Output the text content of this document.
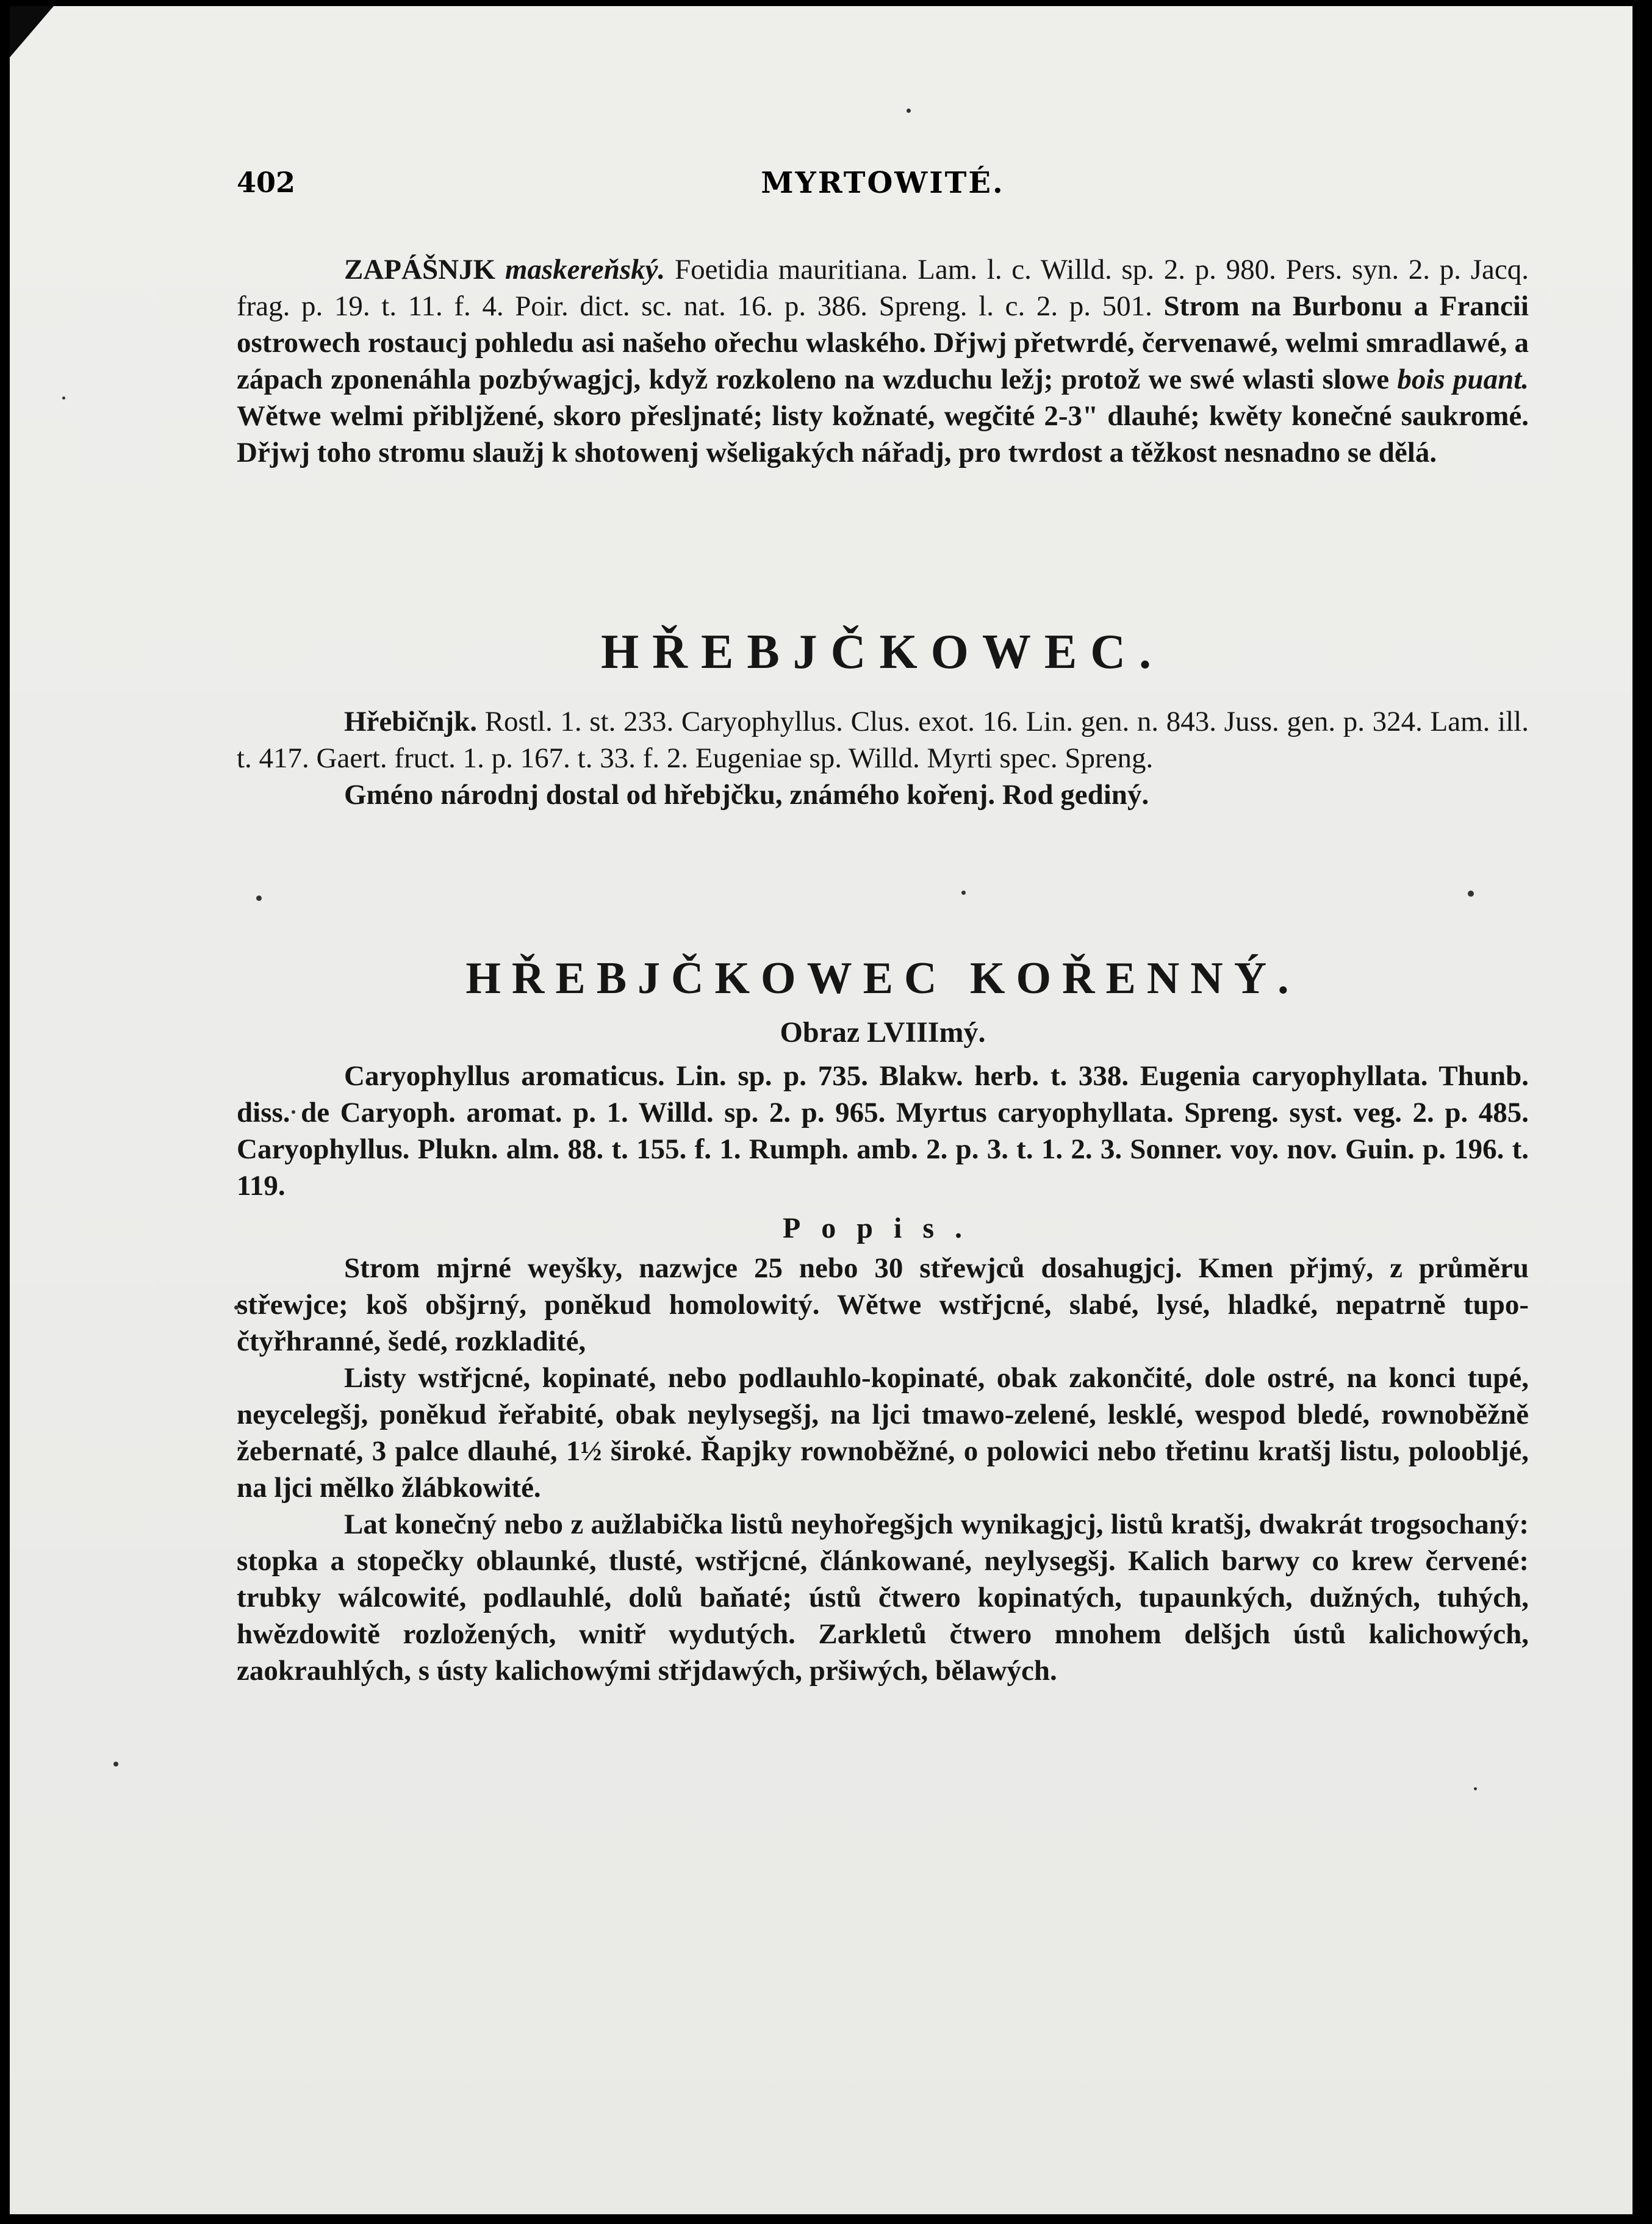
402	MYRTOWITÉ.

ZAPÁŠNJK maskereňský. Foetidia mauritiana. Lam. l. c. Willd. sp. 2. p. 980. Pers. syn. 2. p. Jacq. frag. p. 19. t. 11. f. 4. Poir. dict. sc. nat. 16. p. 386. Spreng. l. c. 2. p. 501. Strom na Burbonu a Francii ostrowech rostaucj pohledu asi našeho ořechu wlaského. Dřjwj přetwrdé, červenawé, welmi smradlawé, a zápach zponenáhla pozbýwagjcj, když rozkoleno na wzduchu ležj; protož we swé wlasti slowe bois puant. Wětwe welmi přibljžené, skoro přesljnaté; listy kožnaté, wegčité 2-3" dlauhé; kwěty konečné saukromé. Dřjwj toho stromu slaužj k shotowenj wšeligakých nářadj, pro twrdost a těžkost nesnadno se dělá.

HŘEBJČKOWEC.

Hřebičnjk. Rostl. 1. st. 233. Caryophyllus. Clus. exot. 16. Lin. gen. n. 843. Juss. gen. p. 324. Lam. ill. t. 417. Gaert. fruct. 1. p. 167. t. 33. f. 2. Eugeniae sp. Willd. Myrti spec. Spreng.

Gméno národnj dostal od hřebjčku, známého kořenj. Rod gediný.

HŘEBJČKOWEC KOŘENNÝ.

Obraz LVIIImý.

Caryophyllus aromaticus. Lin. sp. p. 735. Blakw. herb. t. 338. Eugenia caryophyllata. Thunb. diss. de Caryoph. aromat. p. 1. Willd. sp. 2. p. 965. Myrtus caryophyllata. Spreng. syst. veg. 2. p. 485. Caryophyllus. Plukn. alm. 88. t. 155. f. 1. Rumph. amb. 2. p. 3. t. 1. 2. 3. Sonner. voy. nov. Guin. p. 196. t. 119.

Popis.

Strom mjrné weyšky, nazwjce 25 nebo 30 střewjců dosahugjcj. Kmen přjmý, z průměru střewjce; koš obšjrný, poněkud homolowitý. Wětwe wstřjcné, slabé, lysé, hladké, nepatrně tupo-čtyřhranné, šedé, rozkladité,

Listy wstřjcné, kopinaté, nebo podlauhlo-kopinaté, obak zakončité, dole ostré, na konci tupé, neycelegšj, poněkud řeřabité, obak neylysegšj, na ljci tmawo-zelené, lesklé, wespod bledé, rownoběžně žebernaté, 3 palce dlauhé, 1½ široké. Řapjky rownoběžné, o polowici nebo třetinu kratšj listu, poloobljé, na ljci mělko žlábkowité.

Lat konečný nebo z aužlabička listů neyhořegšjch wynikagjcj, listů kratšj, dwakrát trogsochaný: stopka a stopečky oblaunké, tlusté, wstřjcné, článkowané, neylysegšj. Kalich barwy co krew červené: trubky wálcowité, podlauhlé, dolů baňaté; ústů čtwero kopinatých, tupaunkých, dužných, tuhých, hwězdowitě rozložených, wnitř wydutých. Zarkletů čtwero mnohem delšjch ústů kalichowých, zaokrauhlých, s ústy kalichowými střjdawých, pršiwých, bělawých.
